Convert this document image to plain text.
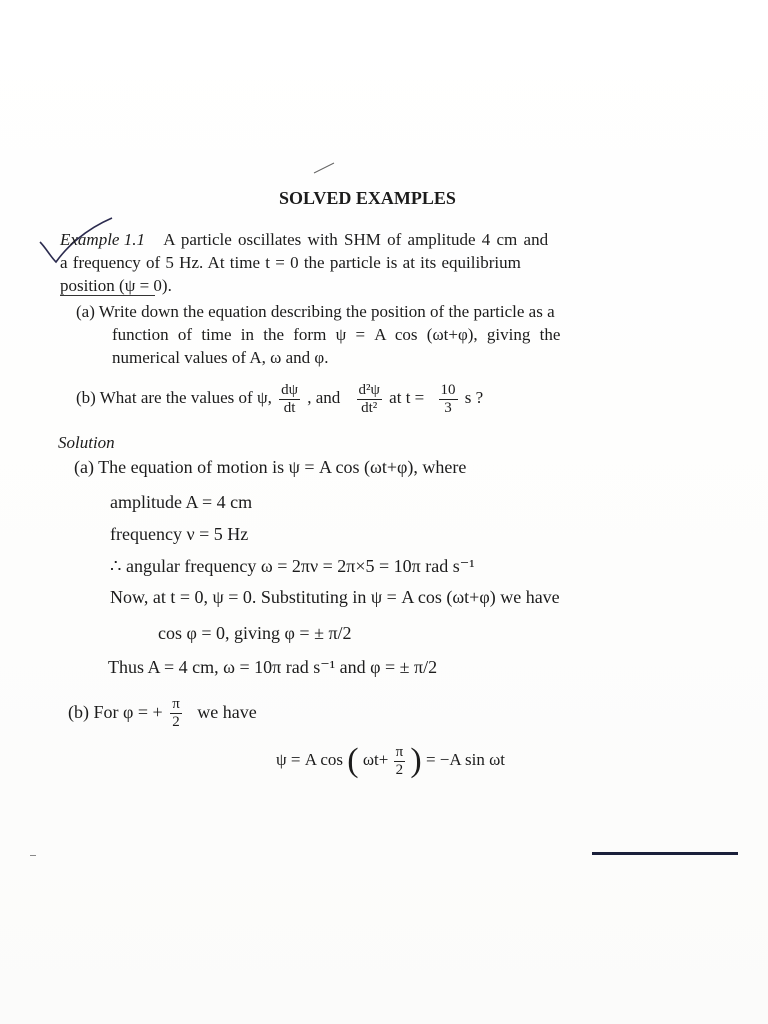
SOLVED EXAMPLES
Example 1.1 A particle oscillates with SHM of amplitude 4 cm and
a frequency of 5 Hz. At time t = 0 the particle is at its equilibrium
position (ψ = 0).
(a) Write down the equation describing the position of the particle as a
function of time in the form ψ = A cos (ωt+φ), giving the
numerical values of A, ω and φ.
(b) What are the values of ψ, $\frac{d\psi}{dt}$ , and $\frac{\text{d²ψ}}{\text{dt²}}$ at $t = \frac{10}{3}$ s ?
Solution
(a) The equation of motion is ψ = A cos (ωt+φ), where
amplitude A = 4 cm
frequency ν = 5 Hz
∴ angular frequency ω = 2πν = 2π×5 = 10π rad s⁻¹
Now, at t = 0, ψ = 0. Substituting in ψ = A cos (ωt+φ) we have
cos φ = 0, giving φ = ± π/2
Thus A = 4 cm, ω = 10π rad s⁻¹ and φ = ± π/2
(b) For φ = + $\frac{\pi}{2}$ we have
ψ = A cos ( $\omega t+ \frac{\pi}{2}$ ) = −A sin ωt
